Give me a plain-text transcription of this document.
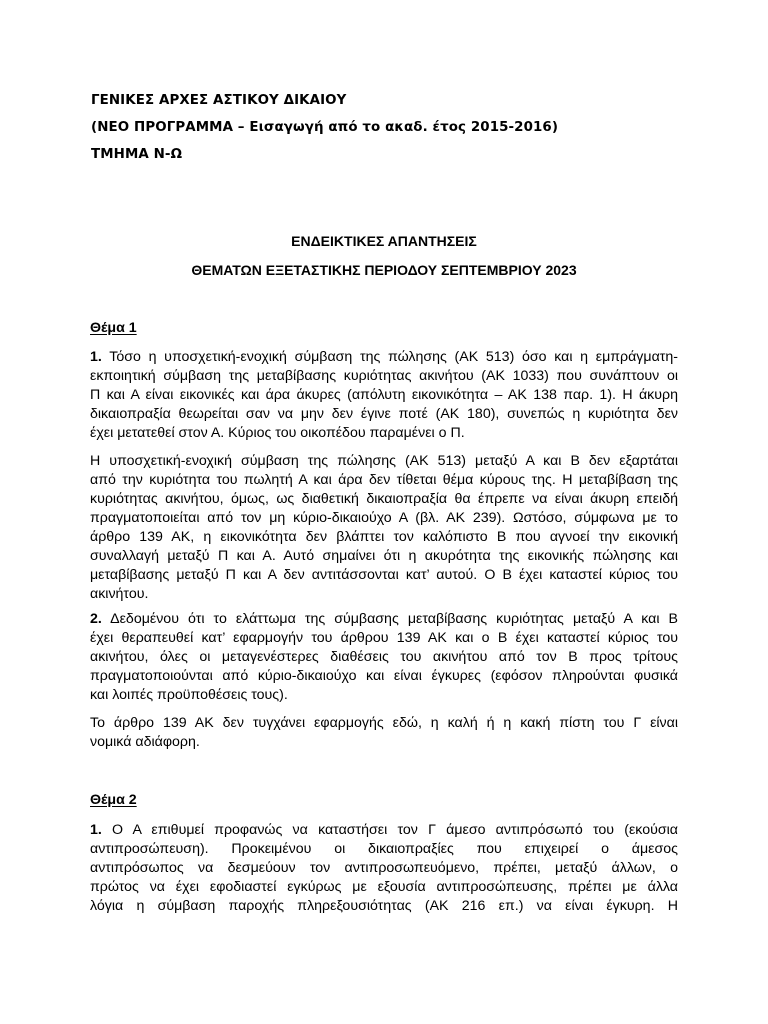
ΓΕΝΙΚΕΣ ΑΡΧΕΣ ΑΣΤΙΚΟΥ ΔΙΚΑΙΟΥ
(ΝΕΟ ΠΡΟΓΡΑΜΜΑ – Εισαγωγή από το ακαδ. έτος 2015-2016)
ΤΜΗΜΑ Ν-Ω
ΕΝΔΕΙΚΤΙΚΕΣ ΑΠΑΝΤΗΣΕΙΣ
ΘΕΜΑΤΩΝ ΕΞΕΤΑΣΤΙΚΗΣ ΠΕΡΙΟΔΟΥ ΣΕΠΤΕΜΒΡΙΟΥ 2023
Θέμα 1
1. Τόσο η υποσχετική-ενοχική σύμβαση της πώλησης (ΑΚ 513) όσο και η εμπράγματη-
εκποιητική σύμβαση της μεταβίβασης κυριότητας ακινήτου (ΑΚ 1033) που συνάπτουν οι
Π και Α είναι εικονικές και άρα άκυρες (απόλυτη εικονικότητα – ΑΚ 138 παρ. 1). Η άκυρη
δικαιοπραξία θεωρείται σαν να μην δεν έγινε ποτέ (ΑΚ 180), συνεπώς η κυριότητα δεν
έχει μετατεθεί στον Α. Κύριος του οικοπέδου παραμένει ο Π.
Η υποσχετική-ενοχική σύμβαση της πώλησης (ΑΚ 513) μεταξύ Α και Β δεν εξαρτάται
από την κυριότητα του πωλητή Α και άρα δεν τίθεται θέμα κύρους της. Η μεταβίβαση της
κυριότητας ακινήτου, όμως, ως διαθετική δικαιοπραξία θα έπρεπε να είναι άκυρη επειδή
πραγματοποιείται από τον μη κύριο-δικαιούχο Α (βλ. ΑΚ 239). Ωστόσο, σύμφωνα με το
άρθρο 139 ΑΚ, η εικονικότητα δεν βλάπτει τον καλόπιστο Β που αγνοεί την εικονική
συναλλαγή μεταξύ Π και Α. Αυτό σημαίνει ότι η ακυρότητα της εικονικής πώλησης και
μεταβίβασης μεταξύ Π και Α δεν αντιτάσσονται κατ’ αυτού. Ο Β έχει καταστεί κύριος του
ακινήτου.
2. Δεδομένου ότι το ελάττωμα της σύμβασης μεταβίβασης κυριότητας μεταξύ Α και Β
έχει θεραπευθεί κατ’ εφαρμογήν του άρθρου 139 ΑΚ και ο Β έχει καταστεί κύριος του
ακινήτου, όλες οι μεταγενέστερες διαθέσεις του ακινήτου από τον Β προς τρίτους
πραγματοποιούνται από κύριο-δικαιούχο και είναι έγκυρες (εφόσον πληρούνται φυσικά
και λοιπές προϋποθέσεις τους).
Το άρθρο 139 ΑΚ δεν τυγχάνει εφαρμογής εδώ, η καλή ή η κακή πίστη του Γ είναι
νομικά αδιάφορη.
Θέμα 2
1. Ο Α επιθυμεί προφανώς να καταστήσει τον Γ άμεσο αντιπρόσωπό του (εκούσια
αντιπροσώπευση). Προκειμένου οι δικαιοπραξίες που επιχειρεί ο άμεσος
αντιπρόσωπος να δεσμεύουν τον αντιπροσωπευόμενο, πρέπει, μεταξύ άλλων, ο
πρώτος να έχει εφοδιαστεί εγκύρως με εξουσία αντιπροσώπευσης, πρέπει με άλλα
λόγια η σύμβαση παροχής πληρεξουσιότητας (ΑΚ 216 επ.) να είναι έγκυρη. Η
